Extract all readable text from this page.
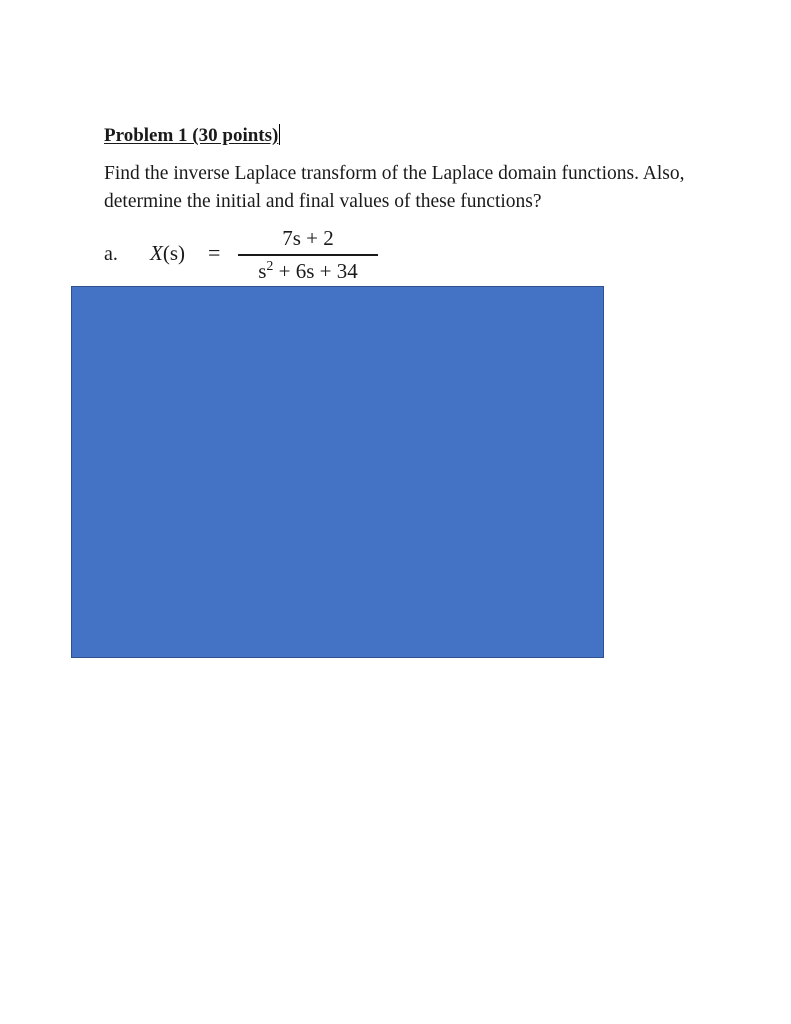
Problem 1 (30 points)
Find the inverse Laplace transform of the Laplace domain functions. Also,
determine the initial and final values of these functions?
a. X(s) =
7s + 2
$s^2 + 6s + 34$
